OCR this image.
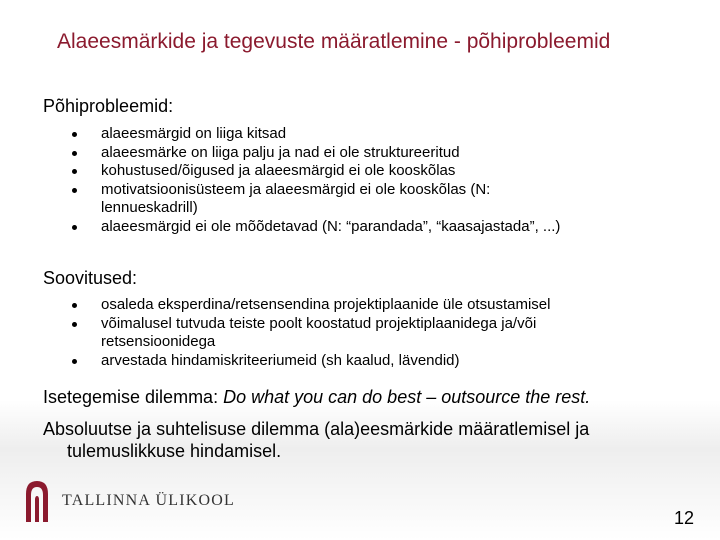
Alaeesmärkide ja tegevuste määratlemine - põhiprobleemid
Põhiprobleemid:
alaeesmärgid on liiga kitsad
alaeesmärke on liiga palju ja nad ei ole struktureeritud
kohustused/õigused ja alaeesmärgid ei ole kooskõlas
motivatsioonisüsteem ja alaeesmärgid ei ole kooskõlas (N: lennueskadrill)
alaeesmärgid ei ole mõõdetavad (N: “parandada”, “kaasajastada”, ...)
Soovitused:
osaleda eksperdina/retsensendina projektiplaanide üle otsustamisel
võimalusel tutvuda teiste poolt koostatud projektiplaanidega ja/või retsensioonidega
arvestada hindamiskriteeriumeid (sh kaalud, lävendid)
Isetegemise dilemma: Do what you can do best – outsource the rest.
Absoluutse ja suhtelisuse dilemma (ala)eesmärkide määratlemisel ja
tulemuslikkuse hindamisel.
TALLINNA ÜLIKOOL
12
